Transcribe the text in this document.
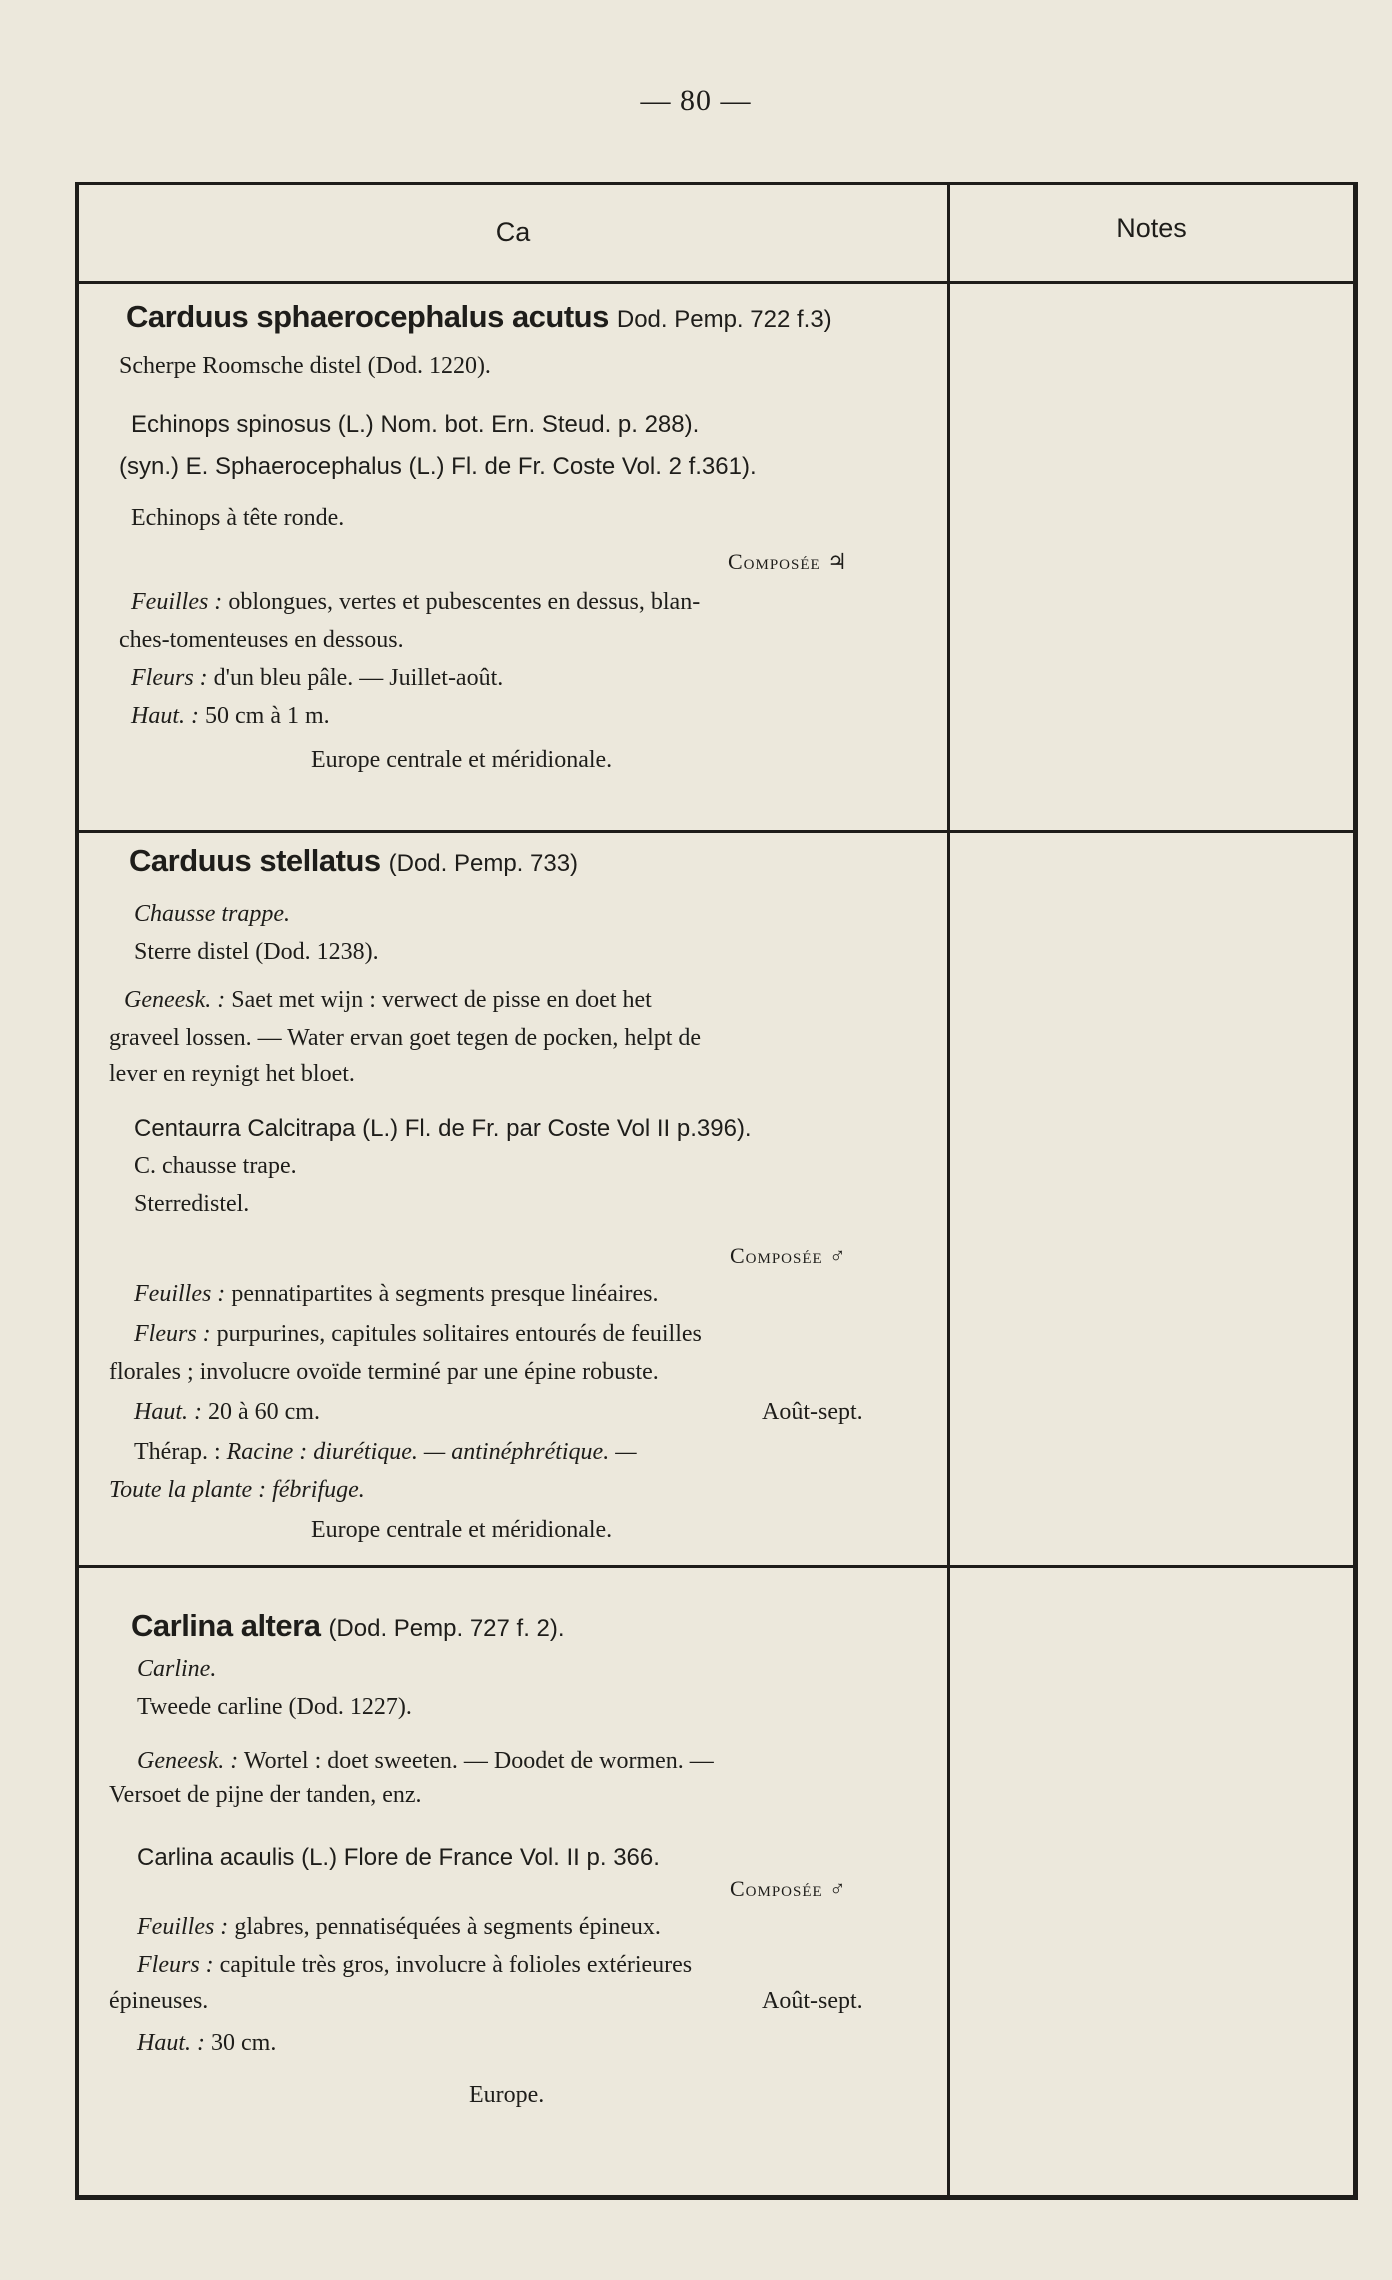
— 80 —
Ca	Notes
Carduus sphaerocephalus acutus Dod. Pemp. 722 f.3)
Scherpe Roomsche distel (Dod. 1220).
Echinops spinosus (L.) Nom. bot. Ern. Steud. p. 288).
(syn.) E. Sphaerocephalus (L.) Fl. de Fr. Coste Vol. 2 f.361).
Echinops à tête ronde.
Composée ♃
Feuilles : oblongues, vertes et pubescentes en dessus, blan-
ches-tomenteuses en dessous.
Fleurs : d'un bleu pâle. — Juillet-août.
Haut. : 50 cm à 1 m.
Europe centrale et méridionale.
Carduus stellatus (Dod. Pemp. 733)
Chausse trappe.
Sterre distel (Dod. 1238).
Geneesk. : Saet met wijn : verwect de pisse en doet het
graveel lossen. — Water ervan goet tegen de pocken, helpt de
lever en reynigt het bloet.
Centaurra Calcitrapa (L.) Fl. de Fr. par Coste Vol II p.396).
C. chausse trape.
Sterredistel.
Composée ♂
Feuilles : pennatipartites à segments presque linéaires.
Fleurs : purpurines, capitules solitaires entourés de feuilles
florales ; involucre ovoïde terminé par une épine robuste.
Haut. : 20 à 60 cm.	Août-sept.
Thérap. : Racine : diurétique. — antinéphrétique. —
Toute la plante : fébrifuge.
Europe centrale et méridionale.
Carlina altera (Dod. Pemp. 727 f. 2).
Carline.
Tweede carline (Dod. 1227).
Geneesk. : Wortel : doet sweeten. — Doodet de wormen. —
Versoet de pijne der tanden, enz.
Carlina acaulis (L.) Flore de France Vol. II p. 366.
Composée ♂
Feuilles : glabres, pennatiséquées à segments épineux.
Fleurs : capitule très gros, involucre à folioles extérieures
épineuses.	Août-sept.
Haut. : 30 cm.
Europe.
